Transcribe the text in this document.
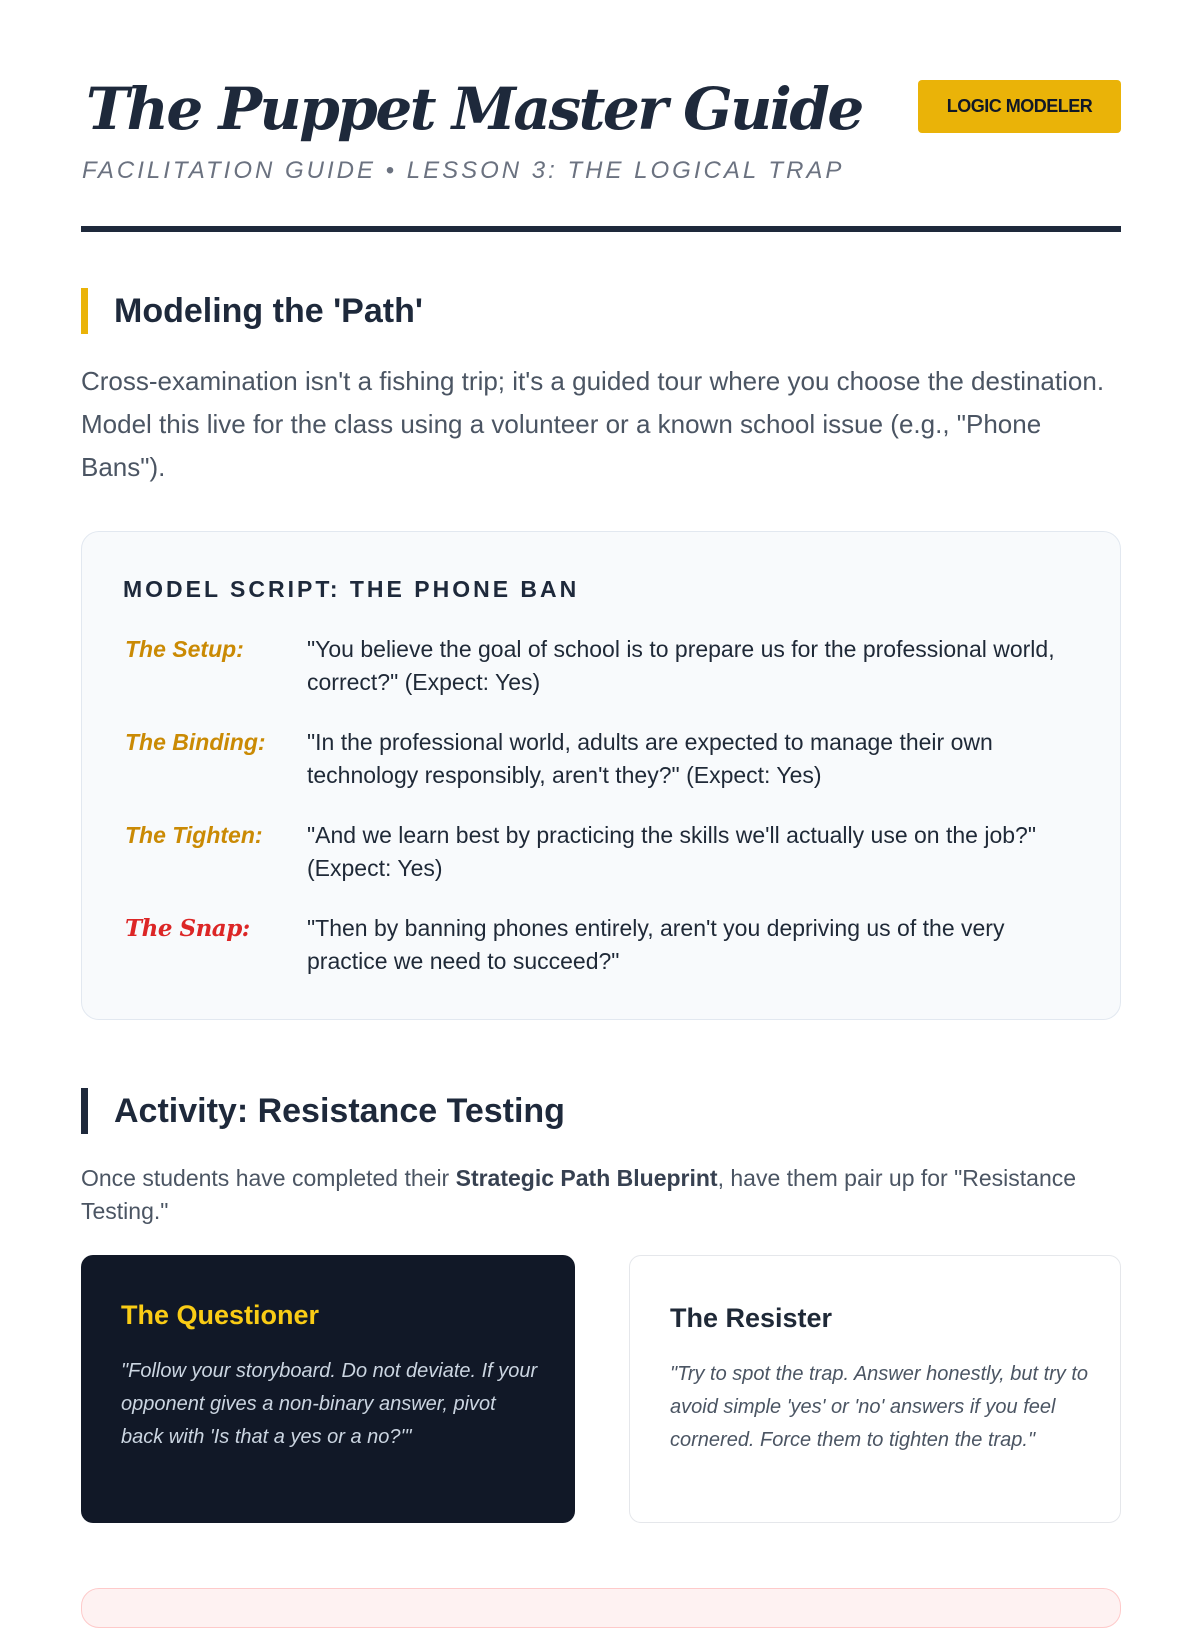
The Puppet Master Guide
FACILITATION GUIDE • LESSON 3: THE LOGICAL TRAP
LOGIC MODELER
Modeling the 'Path'

Cross-examination isn't a fishing trip; it's a guided tour where you choose the destination. Model this live for the class using a volunteer or a known school issue (e.g., "Phone Bans").

MODEL SCRIPT: THE PHONE BAN
The Setup:	"You believe the goal of school is to prepare us for the professional world, correct?" (Expect: Yes)
The Binding: "In the professional world, adults are expected to manage their own technology responsibly, aren't they?" (Expect: Yes)
The Tighten: "And we learn best by practicing the skills we'll actually use on the job?" (Expect: Yes)
The Snap: "Then by banning phones entirely, aren't you depriving us of the very practice we need to succeed?"
Activity: Resistance Testing

Once students have completed their Strategic Path Blueprint, have them pair up for "Resistance Testing."

The Questioner
"Follow your storyboard. Do not deviate. If your opponent gives a non-binary answer, pivot back with 'Is that a yes or a no?'"
The Resister
"Try to spot the trap. Answer honestly, but try to avoid simple 'yes' or 'no' answers if you feel cornered. Force them to tighten the trap."
